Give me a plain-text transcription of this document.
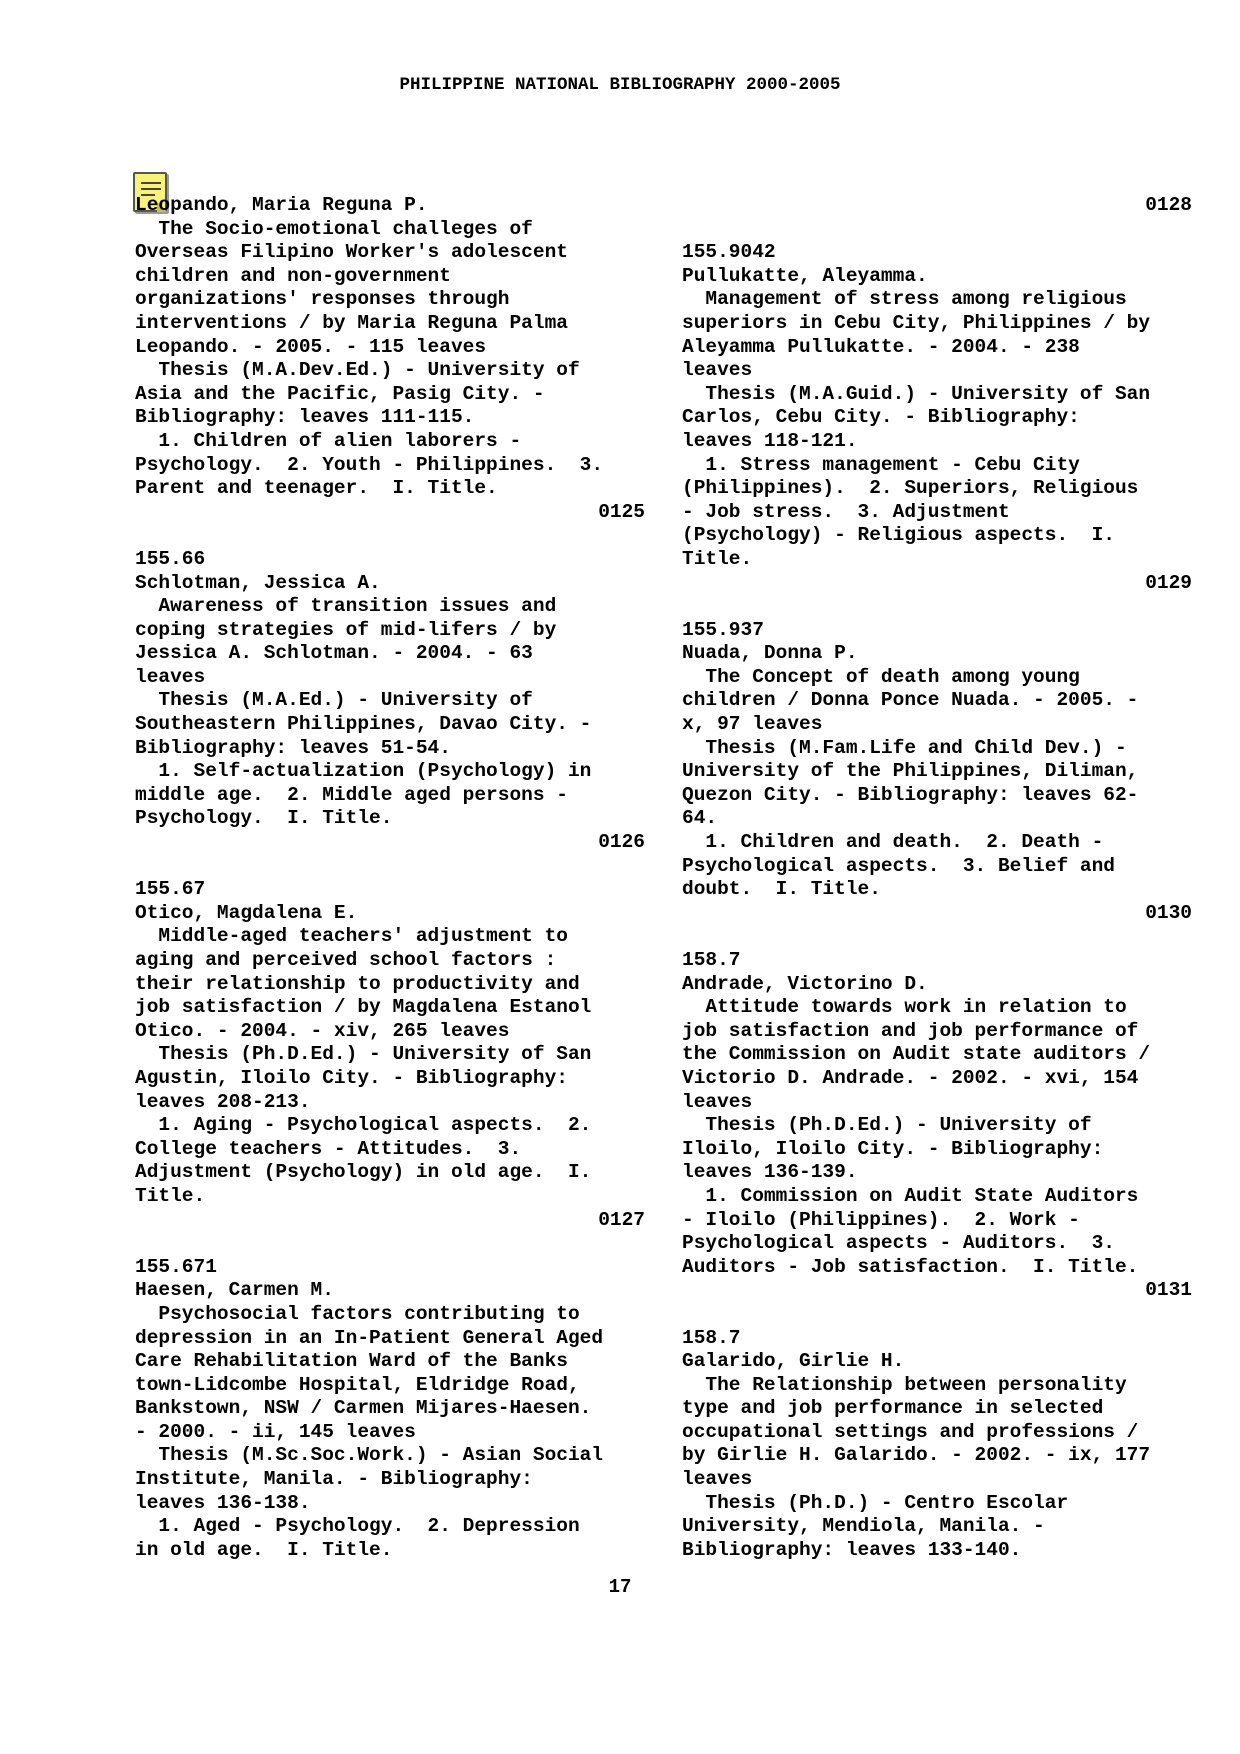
PHILIPPINE NATIONAL BIBLIOGRAPHY 2000-2005
Leopando, Maria Reguna P.
The Socio-emotional challeges of
Overseas Filipino Worker's adolescent
children and non-government
organizations' responses through
interventions / by Maria Reguna Palma
Leopando. - 2005. - 115 leaves
Thesis (M.A.Dev.Ed.) - University of
Asia and the Pacific, Pasig City. -
Bibliography: leaves 111-115.
1. Children of alien laborers -
Psychology.  2. Youth - Philippines.  3.
Parent and teenager.  I. Title.
0125
155.66
Schlotman, Jessica A.
Awareness of transition issues and
coping strategies of mid-lifers / by
Jessica A. Schlotman. - 2004. - 63
leaves
Thesis (M.A.Ed.) - University of
Southeastern Philippines, Davao City. -
Bibliography: leaves 51-54.
1. Self-actualization (Psychology) in
middle age.  2. Middle aged persons -
Psychology.  I. Title.
0126
155.67
Otico, Magdalena E.
Middle-aged teachers' adjustment to
aging and perceived school factors :
their relationship to productivity and
job satisfaction / by Magdalena Estanol
Otico. - 2004. - xiv, 265 leaves
Thesis (Ph.D.Ed.) - University of San
Agustin, Iloilo City. - Bibliography:
leaves 208-213.
1. Aging - Psychological aspects.  2.
College teachers - Attitudes.  3.
Adjustment (Psychology) in old age.  I.
Title.
0127
155.671
Haesen, Carmen M.
Psychosocial factors contributing to
depression in an In-Patient General Aged
Care Rehabilitation Ward of the Banks
town-Lidcombe Hospital, Eldridge Road,
Bankstown, NSW / Carmen Mijares-Haesen.
- 2000. - ii, 145 leaves
Thesis (M.Sc.Soc.Work.) - Asian Social
Institute, Manila. - Bibliography:
leaves 136-138.
1. Aged - Psychology.  2. Depression
in old age.  I. Title.
0128
155.9042
Pullukatte, Aleyamma.
Management of stress among religious
superiors in Cebu City, Philippines / by
Aleyamma Pullukatte. - 2004. - 238
leaves
Thesis (M.A.Guid.) - University of San
Carlos, Cebu City. - Bibliography:
leaves 118-121.
1. Stress management - Cebu City
(Philippines).  2. Superiors, Religious
- Job stress.  3. Adjustment
(Psychology) - Religious aspects.  I.
Title.
0129
155.937
Nuada, Donna P.
The Concept of death among young
children / Donna Ponce Nuada. - 2005. -
x, 97 leaves
Thesis (M.Fam.Life and Child Dev.) -
University of the Philippines, Diliman,
Quezon City. - Bibliography: leaves 62-
64.
1. Children and death.  2. Death -
Psychological aspects.  3. Belief and
doubt.  I. Title.
0130
158.7
Andrade, Victorino D.
Attitude towards work in relation to
job satisfaction and job performance of
the Commission on Audit state auditors /
Victorio D. Andrade. - 2002. - xvi, 154
leaves
Thesis (Ph.D.Ed.) - University of
Iloilo, Iloilo City. - Bibliography:
leaves 136-139.
1. Commission on Audit State Auditors
- Iloilo (Philippines).  2. Work -
Psychological aspects - Auditors.  3.
Auditors - Job satisfaction.  I. Title.
0131
158.7
Galarido, Girlie H.
The Relationship between personality
type and job performance in selected
occupational settings and professions /
by Girlie H. Galarido. - 2002. - ix, 177
leaves
Thesis (Ph.D.) - Centro Escolar
University, Mendiola, Manila. -
Bibliography: leaves 133-140.
17
